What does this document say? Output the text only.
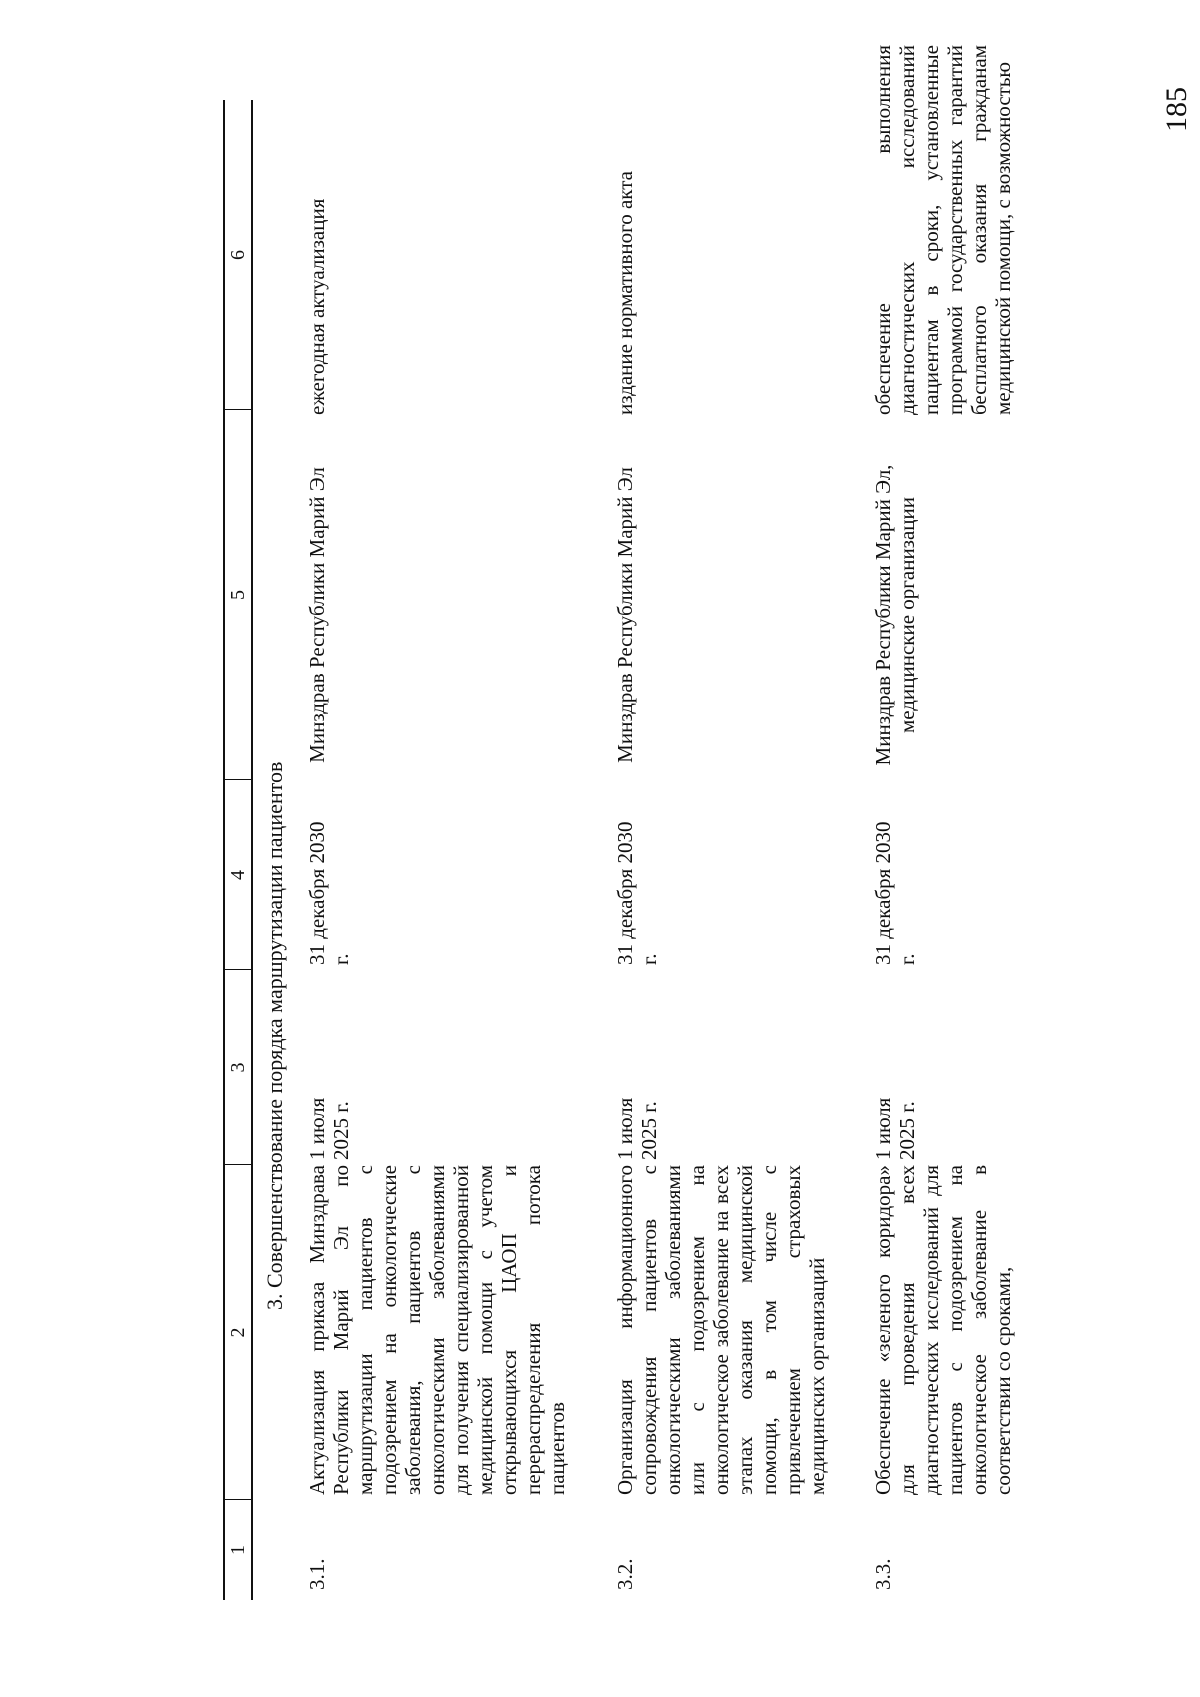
185
1
2
3
4
5
6
3. Совершенствование порядка маршрутизации пациентов
3.1.
Актуализация приказа Минздрава Республики Марий Эл по маршрутизации пациентов с подозрением на онкологические заболевания, пациентов с онкологическими заболеваниями для получения специализированной медицинской помощи с учетом открывающихся ЦАОП и перераспределения потока пациентов
1 июля 2025 г.
31 декабря 2030 г.
Минздрав Республики Марий Эл
ежегодная актуализация
3.2.
Организация информационного сопровождения пациентов с онкологическими заболеваниями или с подозрением на онкологическое заболевание на всех этапах оказания медицинской помощи, в том числе с привлечением страховых медицинских организаций
1 июля 2025 г.
31 декабря 2030 г.
Минздрав Республики Марий Эл
издание нормативного акта
3.3.
Обеспечение «зеленого коридора» для проведения всех диагностических исследований для пациентов с подозрением на онкологическое заболевание в соответствии со сроками,
1 июля 2025 г.
31 декабря 2030 г.
Минздрав Республики Марий Эл, медицинские организации
обеспечение выполнения диагностических исследований пациентам в сроки, установленные программой государственных гарантий бесплатного оказания гражданам медицинской помощи, с возможностью
